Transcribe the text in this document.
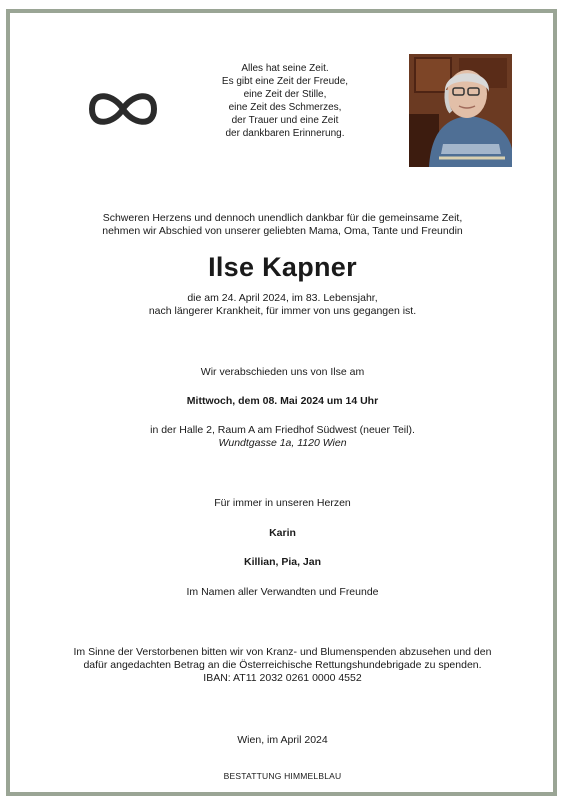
Alles hat seine Zeit.
Es gibt eine Zeit der Freude,
eine Zeit der Stille,
eine Zeit des Schmerzes,
der Trauer und eine Zeit
der dankbaren Erinnerung.
Schweren Herzens und dennoch unendlich dankbar für die gemeinsame Zeit,
nehmen wir Abschied von unserer geliebten Mama, Oma, Tante und Freundin
Ilse Kapner
die am 24. April 2024, im 83. Lebensjahr,
nach längerer Krankheit, für immer von uns gegangen ist.
Wir verabschieden uns von Ilse am
Mittwoch, dem 08. Mai 2024 um 14 Uhr
in der Halle 2, Raum A am Friedhof Südwest (neuer Teil).
Wundtgasse 1a, 1120 Wien
Für immer in unseren Herzen
Karin
Killian, Pia, Jan
Im Namen aller Verwandten und Freunde
Im Sinne der Verstorbenen bitten wir von Kranz- und Blumenspenden abzusehen und den
dafür angedachten Betrag an die Österreichische Rettungshundebrigade zu spenden.
IBAN: AT11 2032 0261 0000 4552
Wien, im April 2024
BESTATTUNG HIMMELBLAU
